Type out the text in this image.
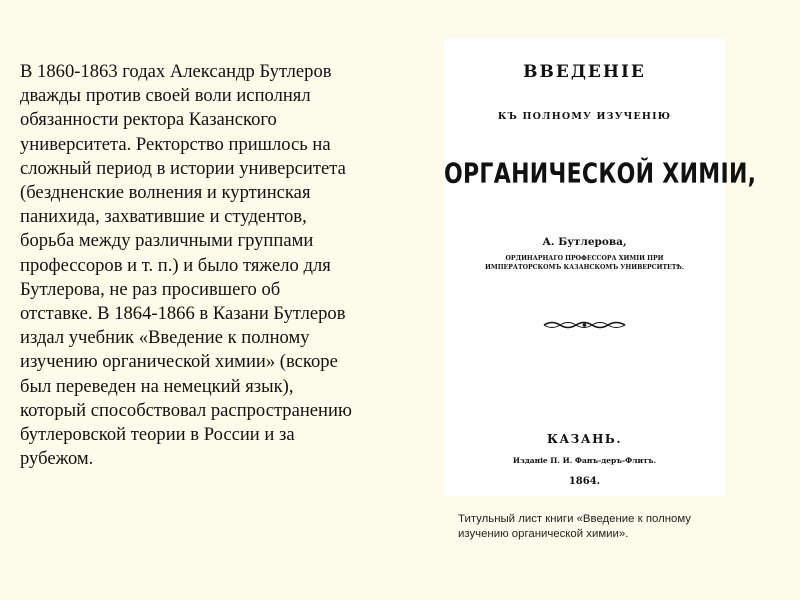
В 1860-1863 годах Александр Бутлеров
дважды против своей воли исполнял
обязанности ректора Казанского
университета. Ректорство пришлось на
сложный период в истории университета
(бездненские волнения и куртинская
панихида, захватившие и студентов,
борьба между различными группами
профессоров и т. п.) и было тяжело для
Бутлерова, не раз просившего об
отставке. В 1864-1866 в Казани Бутлеров
издал учебник «Введение к полному
изучению органической химии» (вскоре
был переведен на немецкий язык),
который способствовал распространению
бутлеровской теории в России и за
рубежом.
ВВЕДЕНІЕ
КЪ ПОЛНОМУ ИЗУЧЕНІЮ
ОРГАНИЧЕСКОЙ ХИМІИ,
А. Бутлерова,
ОРДИНАРНАГО ПРОФЕССОРА ХИМІИ ПРИ ИМПЕРАТОРСКОМЪ КАЗАНСКОМЪ УНИВЕРСИТЕТѢ.
КАЗАНЬ.
Изданіе П. И. Фанъ-деръ-Флитъ.
1864.
Титульный лист книги «Введение к полному
изучению органической химии».
